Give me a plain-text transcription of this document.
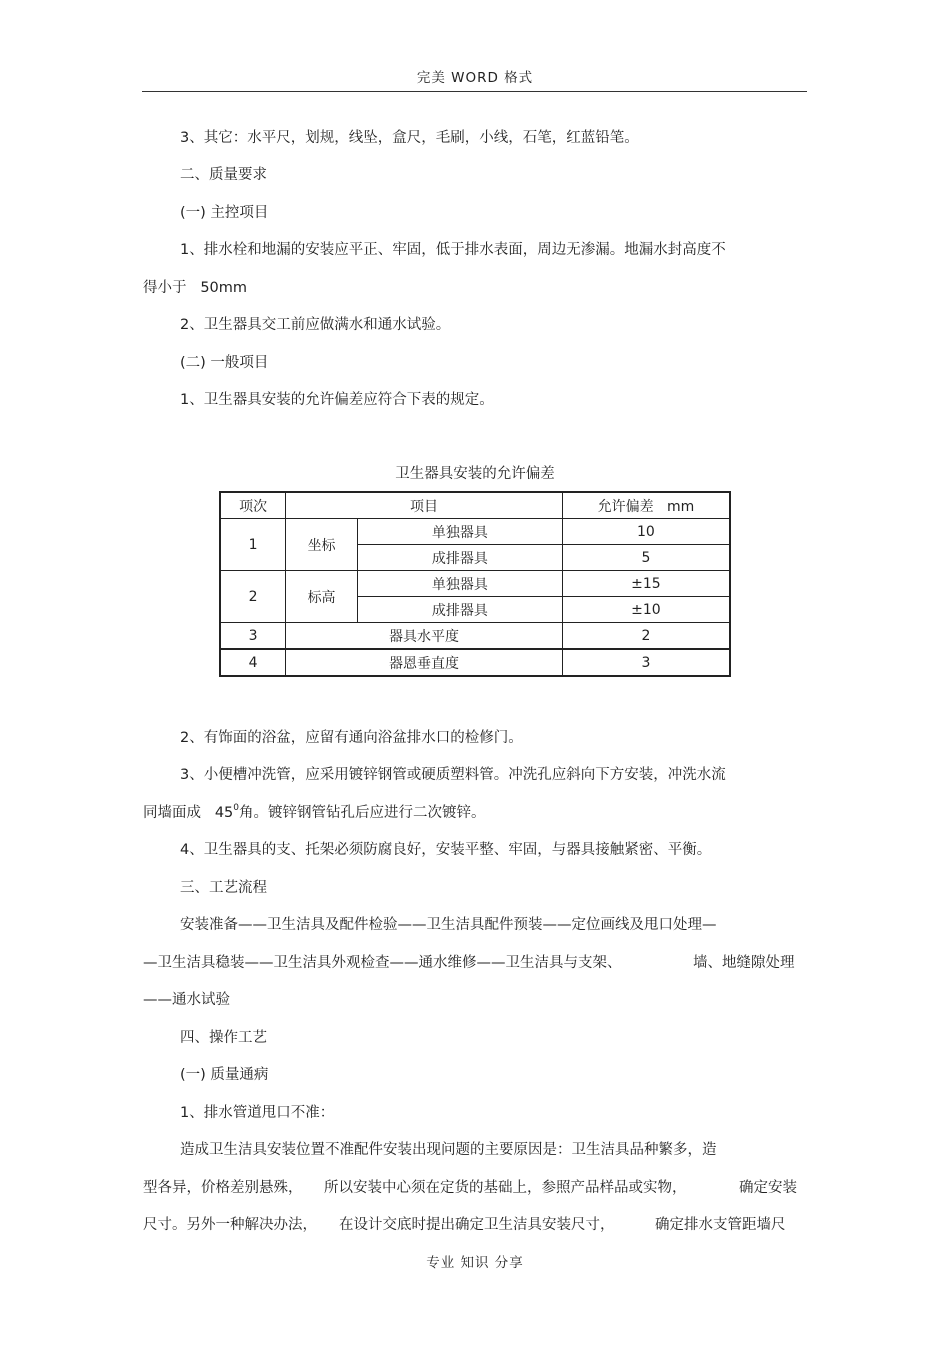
完美 WORD 格式
3、其它：水平尺，划规，线坠，盒尺，毛刷，小线，石笔，红蓝铅笔。
二、质量要求
(一) 主控项目
1、排水栓和地漏的安装应平正、牢固，低于排水表面，周边无渗漏。地漏水封高度不
得小于   50mm
2、卫生器具交工前应做满水和通水试验。
(二) 一般项目
1、卫生器具安装的允许偏差应符合下表的规定。
卫生器具安装的允许偏差
项次	项目		允许偏差   mm
1	坐标	单独器具	10
		成排器具	5
2	标高	单独器具	±15
		成排器具	±10
3	器具水平度		2
4	器恩垂直度		3
2、有饰面的浴盆，应留有通向浴盆排水口的检修门。
3、小便槽冲洗管，应采用镀锌钢管或硬质塑料管。冲洗孔应斜向下方安装，冲洗水流
同墙面成   $45^0$角。镀锌钢管钻孔后应进行二次镀锌。
4、卫生器具的支、托架必须防腐良好，安装平整、牢固，与器具接触紧密、平衡。
三、工艺流程
安装准备——卫生洁具及配件检验——卫生洁具配件预装——定位画线及甩口处理—
—卫生洁具稳装——卫生洁具外观检查——通水维修——卫生洁具与支架、	墙、地缝隙处理
——通水试验
四、操作工艺
(一) 质量通病
1、排水管道甩口不准：
造成卫生洁具安装位置不准配件安装出现问题的主要原因是：卫生洁具品种繁多，造
型各异，价格差别悬殊， 所以安装中心须在定货的基础上，参照产品样品或实物，	确定安装
尺寸。另外一种解决办法， 在设计交底时提出确定卫生洁具安装尺寸，	确定排水支管距墙尺
专业 知识 分享
